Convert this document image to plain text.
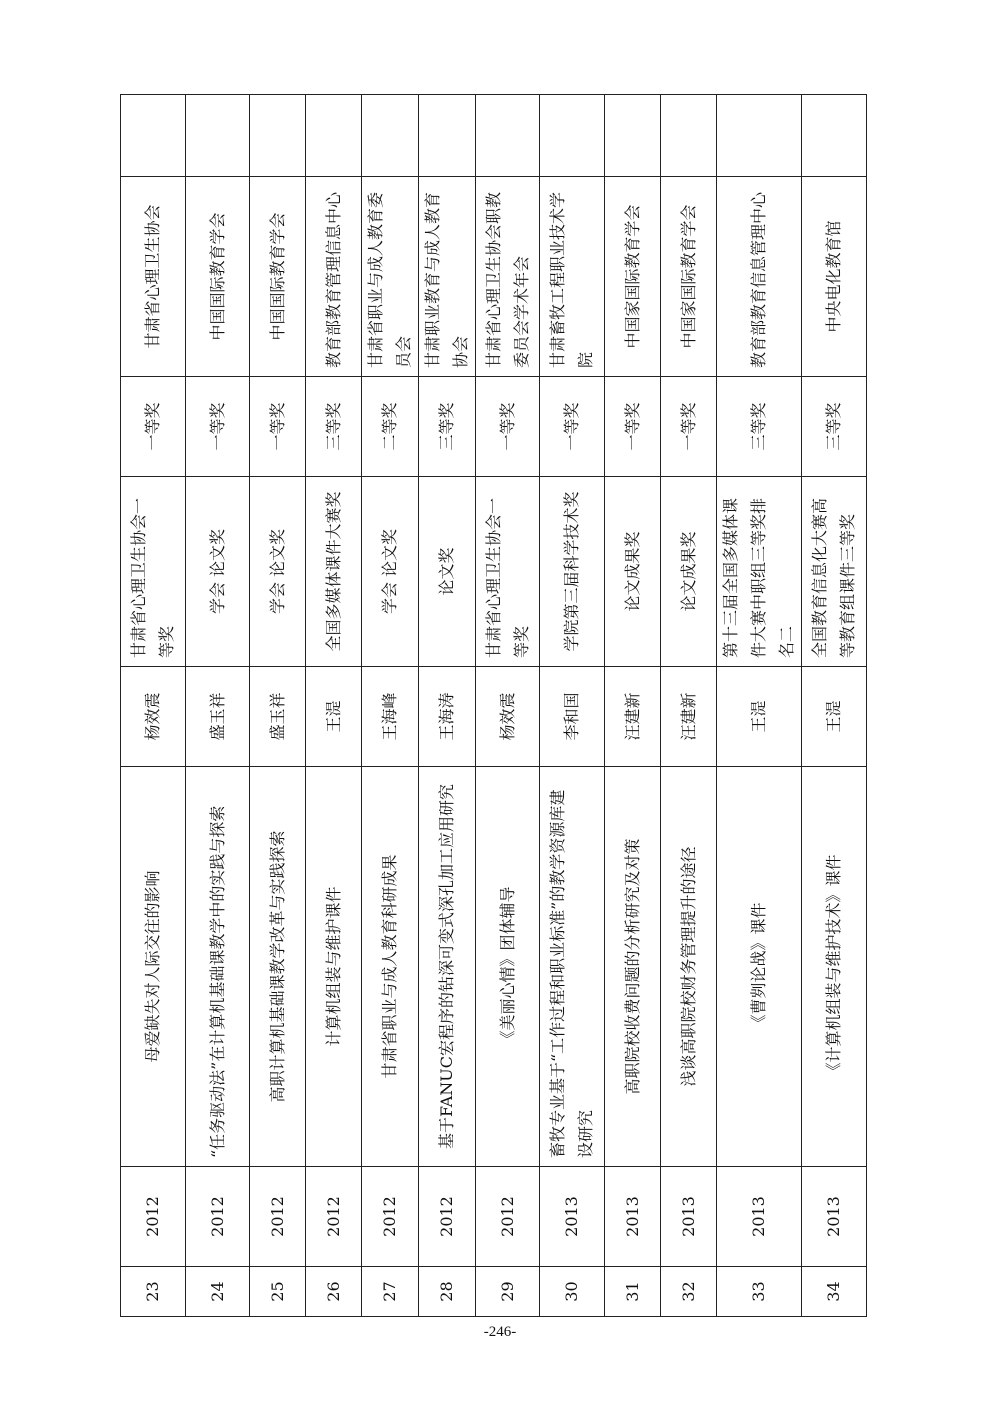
23	2012	母爱缺失对人际交往的影响	杨效震	甘肃省心理卫生协会一等奖	一等奖	甘肃省心理卫生协会	
24	2012	“任务驱动法”在计算机基础课教学中的实践与探索	盛玉祥	学会 论文奖	一等奖	中国国际教育学会	
25	2012	高职计算机基础课教学改革与实践探索	盛玉祥	学会 论文奖	一等奖	中国国际教育学会	
26	2012	计算机组装与维护课件	王湜	全国多媒体课件大赛奖	三等奖	教育部教育管理信息中心	
27	2012	甘肃省职业与成人教育科研成果	王海峰	学会 论文奖	二等奖	甘肃省职业与成人教育委员会	
28	2012	基于FANUC宏程序的钻深可变式深孔加工应用研究	王海涛	论文奖	三等奖	甘肃职业教育与成人教育协会	
29	2012	《美丽心情》团体辅导	杨效震	甘肃省心理卫生协会一等奖	一等奖	甘肃省心理卫生协会职教委员会学术年会	
30	2013	畜牧专业基于“工作过程和职业标准”的教学资源库建设研究	李和国	学院第三届科学技术奖	一等奖	甘肃畜牧工程职业技术学院	
31	2013	高职院校收费问题的分析研究及对策	汪建新	论文成果奖	一等奖	中国家国际教育学会	
32	2013	浅谈高职院校财务管理提升的途径	汪建新	论文成果奖	一等奖	中国家国际教育学会	
33	2013	《曹刿论战》课件	王湜	第十三届全国多媒体课件大赛中职组三等奖排名二	三等奖	教育部教育信息管理中心	
34	2013	《计算机组装与维护技术》课件	王湜	全国教育信息化大赛高等教育组课件三等奖	三等奖	中央电化教育馆	
-246-
